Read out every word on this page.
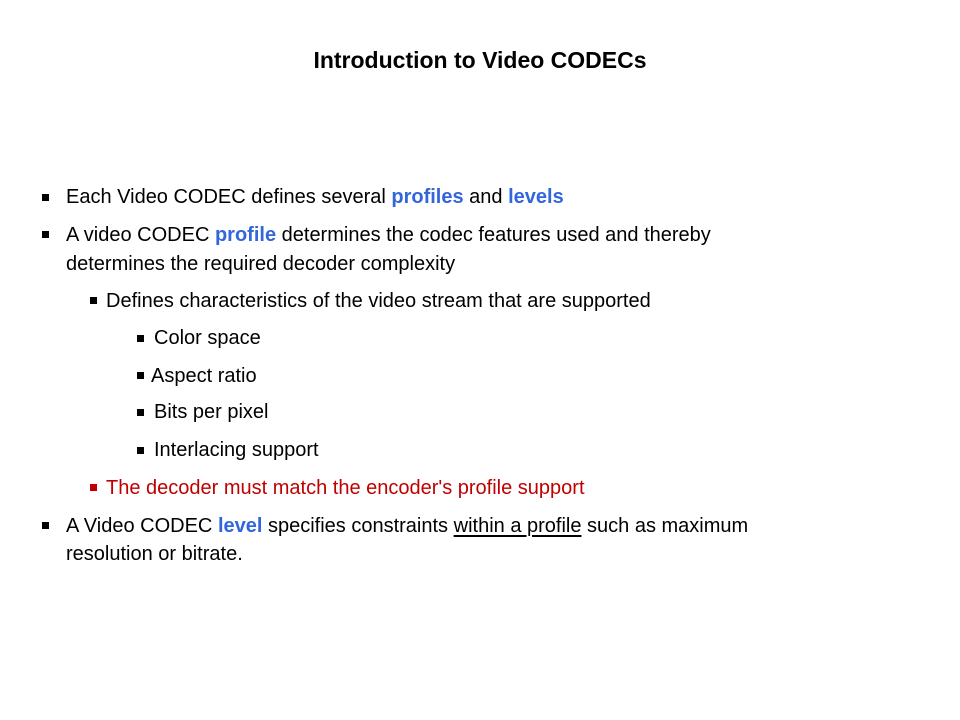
Introduction to Video CODECs
Each Video CODEC defines several profiles and levels
A video CODEC profile determines the codec features used and thereby
determines the required decoder complexity
Defines characteristics of the video stream that are supported
Color space
Aspect ratio
Bits per pixel
Interlacing support
The decoder must match the encoder's profile support
A Video CODEC level specifies constraints within a profile such as maximum
resolution or bitrate.
